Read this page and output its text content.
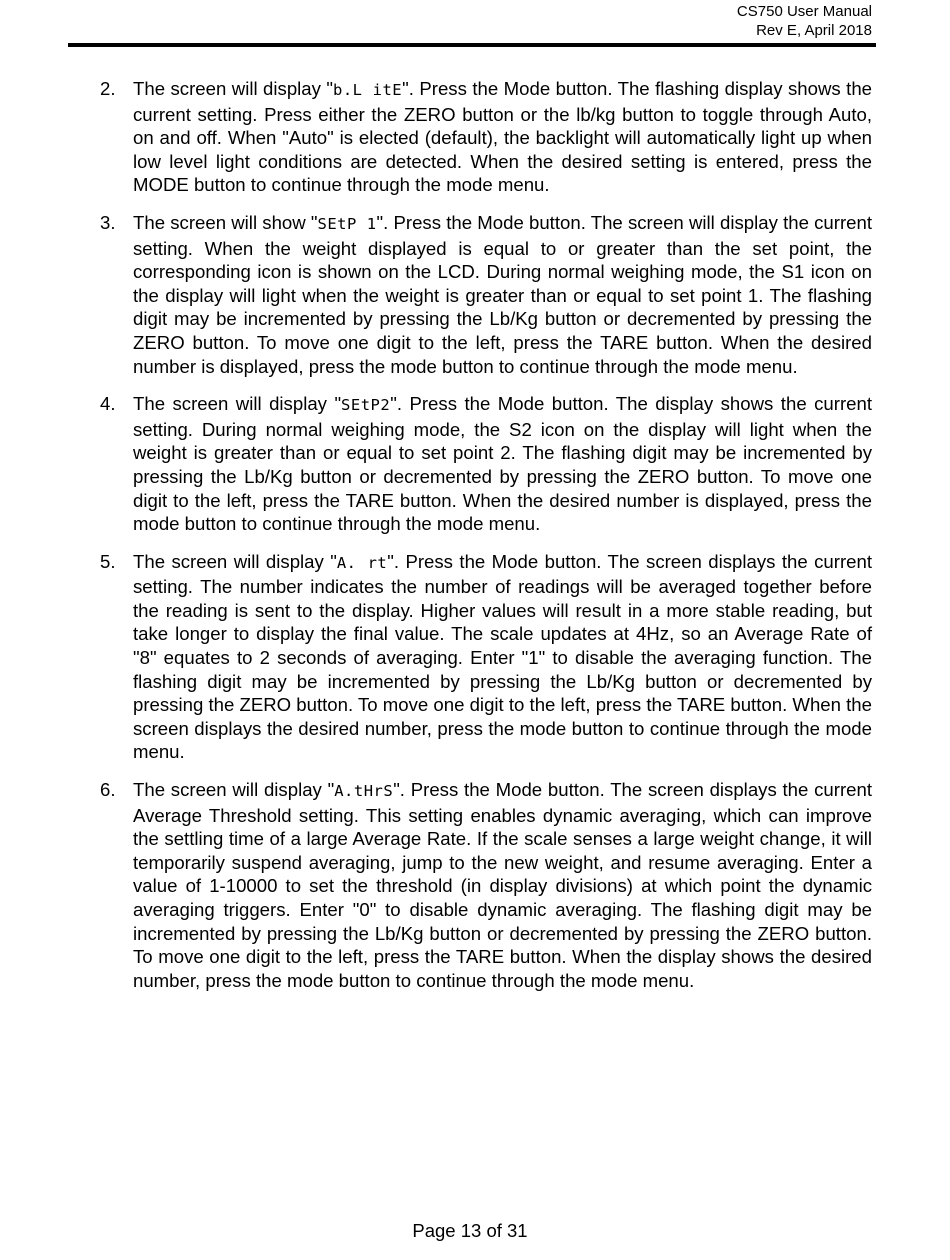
CS750 User Manual
Rev E, April 2018
2. The screen will display "b.L itE". Press the Mode button. The flashing display shows the current setting. Press either the ZERO button or the lb/kg button to toggle through Auto, on and off. When "Auto" is elected (default), the backlight will automatically light up when low level light conditions are detected. When the desired setting is entered, press the MODE button to continue through the mode menu.
3. The screen will show "SEtP 1". Press the Mode button. The screen will display the current setting. When the weight displayed is equal to or greater than the set point, the corresponding icon is shown on the LCD. During normal weighing mode, the S1 icon on the display will light when the weight is greater than or equal to set point 1. The flashing digit may be incremented by pressing the Lb/Kg button or decremented by pressing the ZERO button. To move one digit to the left, press the TARE button. When the desired number is displayed, press the mode button to continue through the mode menu.
4. The screen will display "SEtP2". Press the Mode button. The display shows the current setting. During normal weighing mode, the S2 icon on the display will light when the weight is greater than or equal to set point 2. The flashing digit may be incremented by pressing the Lb/Kg button or decremented by pressing the ZERO button. To move one digit to the left, press the TARE button. When the desired number is displayed, press the mode button to continue through the mode menu.
5. The screen will display "A. rt". Press the Mode button. The screen displays the current setting. The number indicates the number of readings will be averaged together before the reading is sent to the display. Higher values will result in a more stable reading, but take longer to display the final value. The scale updates at 4Hz, so an Average Rate of "8" equates to 2 seconds of averaging. Enter "1" to disable the averaging function. The flashing digit may be incremented by pressing the Lb/Kg button or decremented by pressing the ZERO button. To move one digit to the left, press the TARE button. When the screen displays the desired number, press the mode button to continue through the mode menu.
6. The screen will display "A.tHrS". Press the Mode button. The screen displays the current Average Threshold setting. This setting enables dynamic averaging, which can improve the settling time of a large Average Rate. If the scale senses a large weight change, it will temporarily suspend averaging, jump to the new weight, and resume averaging. Enter a value of 1-10000 to set the threshold (in display divisions) at which point the dynamic averaging triggers. Enter "0" to disable dynamic averaging. The flashing digit may be incremented by pressing the Lb/Kg button or decremented by pressing the ZERO button. To move one digit to the left, press the TARE button. When the display shows the desired number, press the mode button to continue through the mode menu.
Page 13 of 31
